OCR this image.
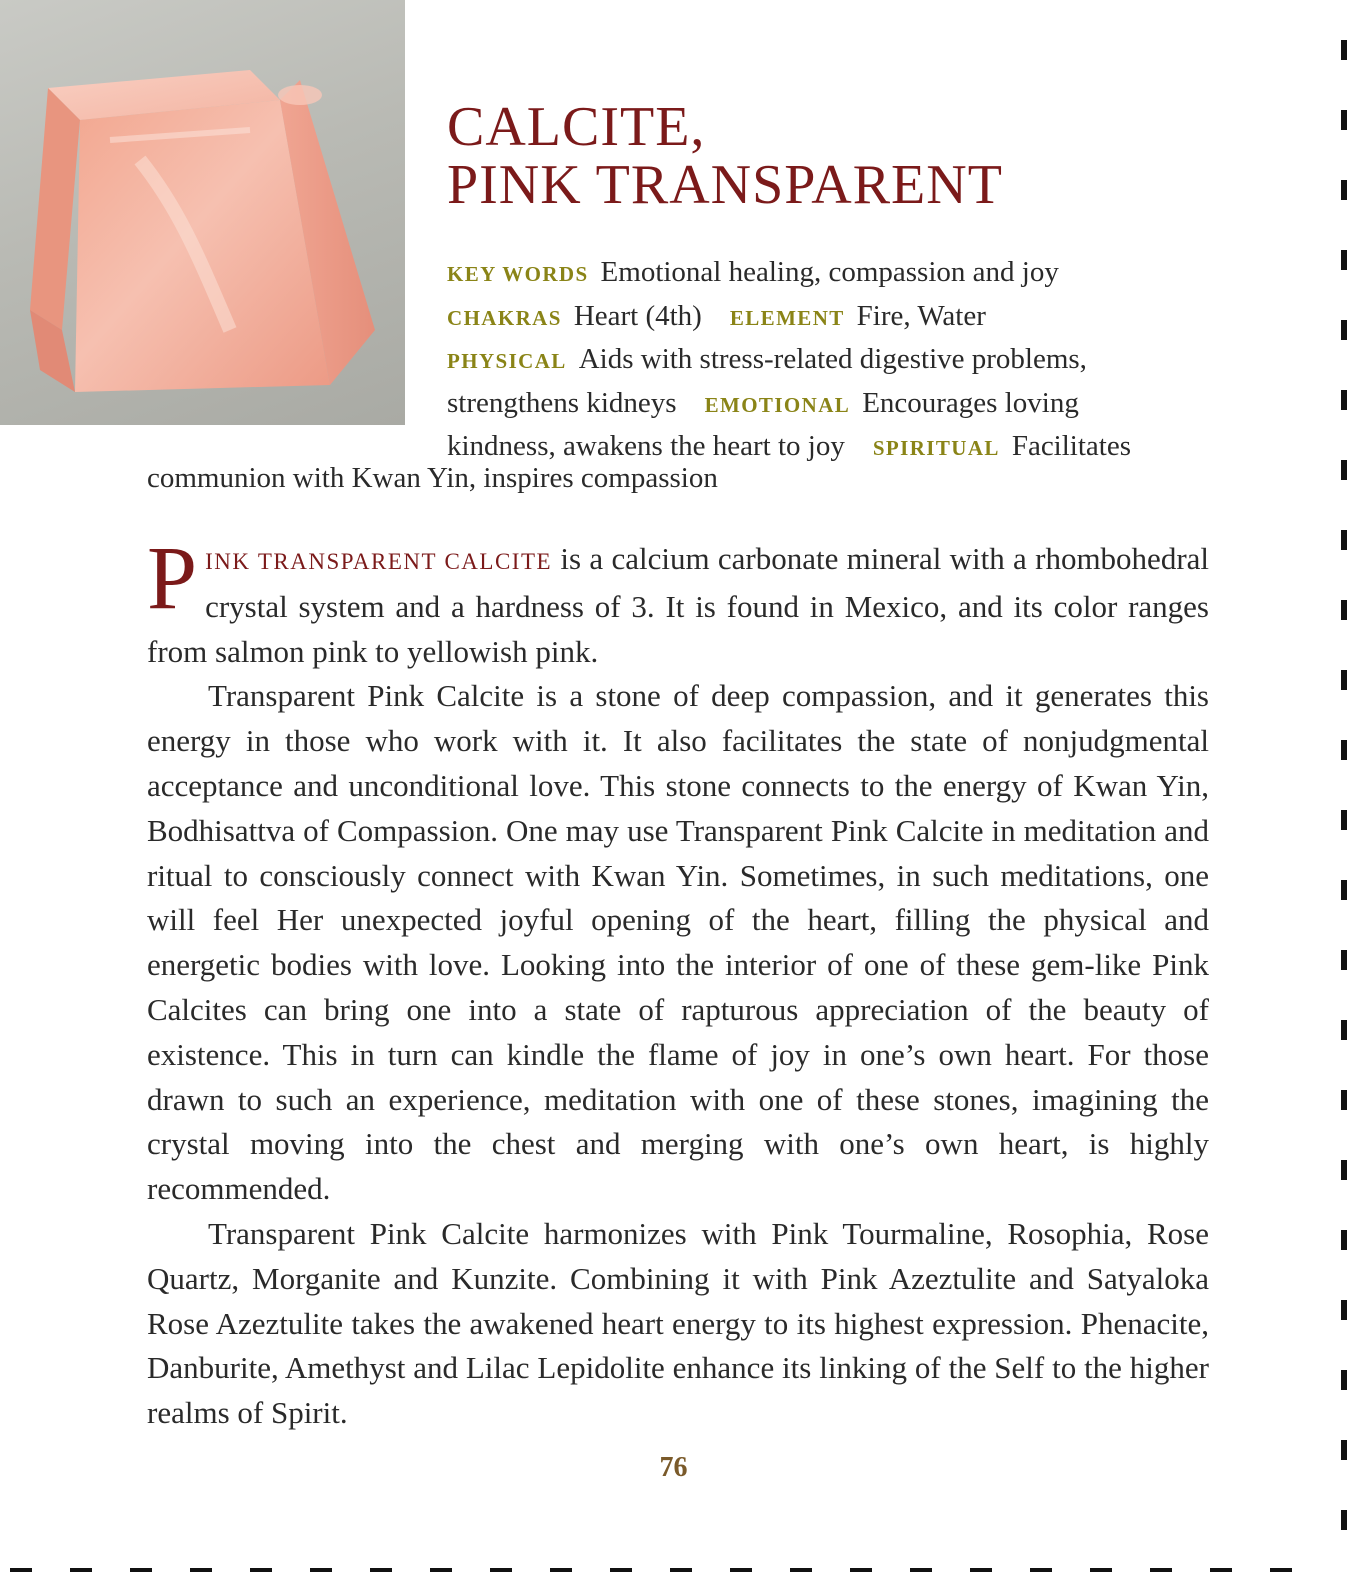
CALCITE,
PINK TRANSPARENT
KEY WORDS Emotional healing, compassion and joy
CHAKRAS Heart (4th) ELEMENT Fire, Water
PHYSICAL Aids with stress-related digestive problems,
strengthens kidneys EMOTIONAL Encourages loving
kindness, awakens the heart to joy SPIRITUAL Facilitates
communion with Kwan Yin, inspires compassion

PINK TRANSPARENT CALCITE is a calcium carbonate mineral with a rhombohedral crystal system and a hardness of 3. It is found in Mexico, and its color ranges from salmon pink to yellowish pink.

Transparent Pink Calcite is a stone of deep compassion, and it generates this energy in those who work with it. It also facilitates the state of nonjudgmental acceptance and unconditional love. This stone connects to the energy of Kwan Yin, Bodhisattva of Compassion. One may use Transparent Pink Calcite in meditation and ritual to consciously connect with Kwan Yin. Sometimes, in such meditations, one will feel Her unexpected joyful opening of the heart, filling the physical and energetic bodies with love. Looking into the interior of one of these gem-like Pink Calcites can bring one into a state of rapturous appreciation of the beauty of existence. This in turn can kindle the flame of joy in one’s own heart. For those drawn to such an experience, meditation with one of these stones, imagining the crystal moving into the chest and merging with one’s own heart, is highly recommended.

Transparent Pink Calcite harmonizes with Pink Tourmaline, Rosophia, Rose Quartz, Morganite and Kunzite. Combining it with Pink Azeztulite and Satyaloka Rose Azeztulite takes the awakened heart energy to its highest expression. Phenacite, Danburite, Amethyst and Lilac Lepidolite enhance its linking of the Self to the higher realms of Spirit.

76
